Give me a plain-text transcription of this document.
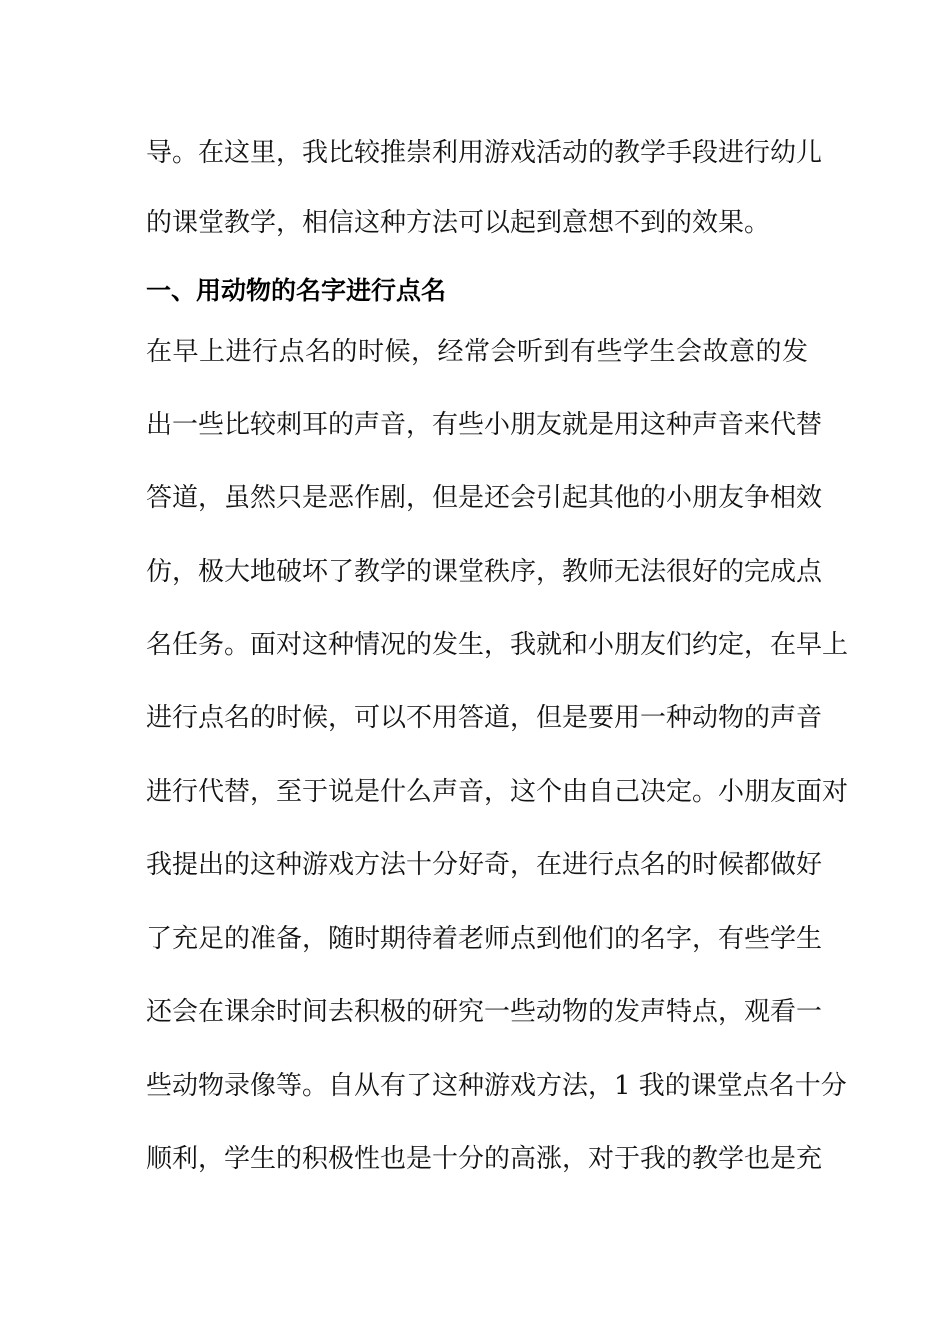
导。在这里，我比较推崇利用游戏活动的教学手段进行幼儿
的课堂教学，相信这种方法可以起到意想不到的效果。
一、用动物的名字进行点名
在早上进行点名的时候，经常会听到有些学生会故意的发
出一些比较刺耳的声音，有些小朋友就是用这种声音来代替
答道，虽然只是恶作剧，但是还会引起其他的小朋友争相效
仿，极大地破坏了教学的课堂秩序，教师无法很好的完成点
名任务。面对这种情况的发生，我就和小朋友们约定，在早上
进行点名的时候，可以不用答道，但是要用一种动物的声音
进行代替，至于说是什么声音，这个由自己决定。小朋友面对
我提出的这种游戏方法十分好奇，在进行点名的时候都做好
了充足的准备，随时期待着老师点到他们的名字，有些学生
还会在课余时间去积极的研究一些动物的发声特点，观看一
些动物录像等。自从有了这种游戏方法，1 我的课堂点名十分
顺利，学生的积极性也是十分的高涨，对于我的教学也是充
